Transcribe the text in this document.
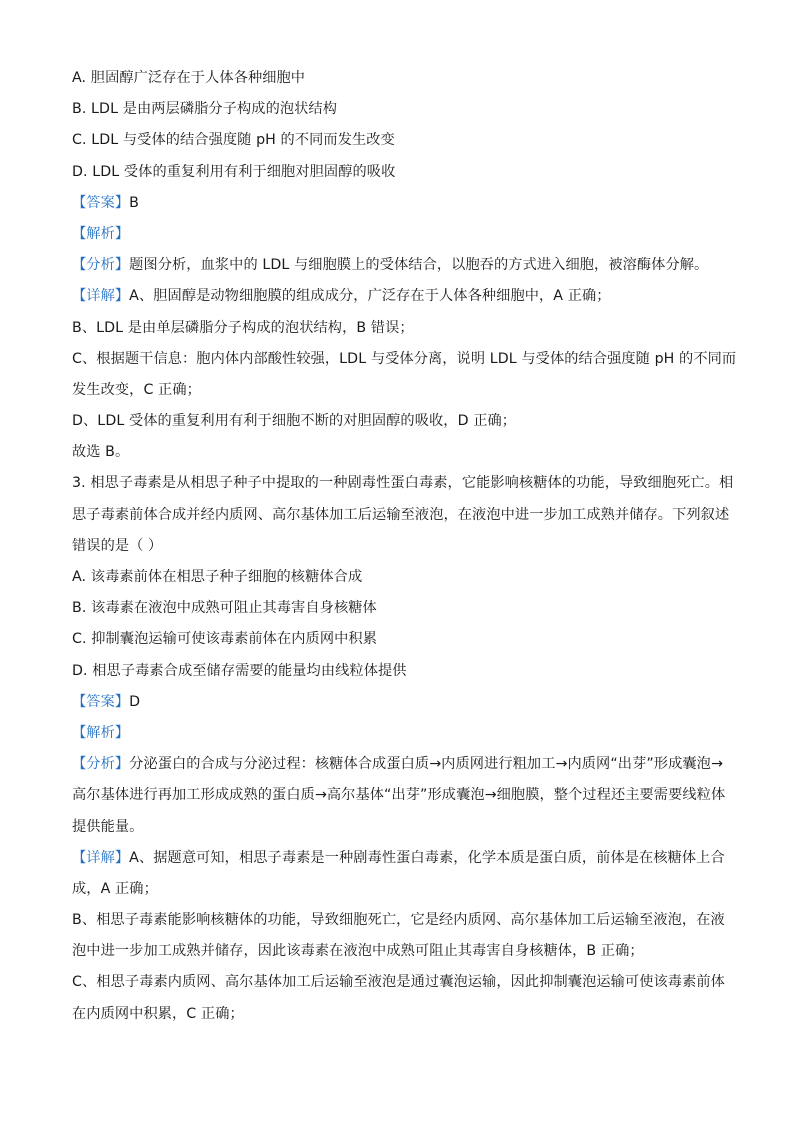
A. 胆固醇广泛存在于人体各种细胞中
B. LDL 是由两层磷脂分子构成的泡状结构
C. LDL 与受体的结合强度随 pH 的不同而发生改变
D. LDL 受体的重复利用有利于细胞对胆固醇的吸收
【答案】B
【解析】
【分析】题图分析，血浆中的 LDL 与细胞膜上的受体结合，以胞吞的方式进入细胞，被溶酶体分解。
【详解】A、胆固醇是动物细胞膜的组成成分，广泛存在于人体各种细胞中，A 正确；
B、LDL 是由单层磷脂分子构成的泡状结构，B 错误；
C、根据题干信息：胞内体内部酸性较强，LDL 与受体分离，说明 LDL 与受体的结合强度随 pH 的不同而
发生改变，C 正确；
D、LDL 受体的重复利用有利于细胞不断的对胆固醇的吸收，D 正确；
故选 B。
3. 相思子毒素是从相思子种子中提取的一种剧毒性蛋白毒素，它能影响核糖体的功能，导致细胞死亡。相
思子毒素前体合成并经内质网、高尔基体加工后运输至液泡，在液泡中进一步加工成熟并储存。下列叙述
错误的是（ ）
A. 该毒素前体在相思子种子细胞的核糖体合成
B. 该毒素在液泡中成熟可阻止其毒害自身核糖体
C. 抑制囊泡运输可使该毒素前体在内质网中积累
D. 相思子毒素合成至储存需要的能量均由线粒体提供
【答案】D
【解析】
【分析】分泌蛋白的合成与分泌过程：核糖体合成蛋白质→内质网进行粗加工→内质网“出芽”形成囊泡→
高尔基体进行再加工形成成熟的蛋白质→高尔基体“出芽”形成囊泡→细胞膜，整个过程还主要需要线粒体
提供能量。
【详解】A、据题意可知，相思子毒素是一种剧毒性蛋白毒素，化学本质是蛋白质，前体是在核糖体上合
成，A 正确；
B、相思子毒素能影响核糖体的功能，导致细胞死亡，它是经内质网、高尔基体加工后运输至液泡，在液
泡中进一步加工成熟并储存，因此该毒素在液泡中成熟可阻止其毒害自身核糖体，B 正确；
C、相思子毒素内质网、高尔基体加工后运输至液泡是通过囊泡运输，因此抑制囊泡运输可使该毒素前体
在内质网中积累，C 正确；
